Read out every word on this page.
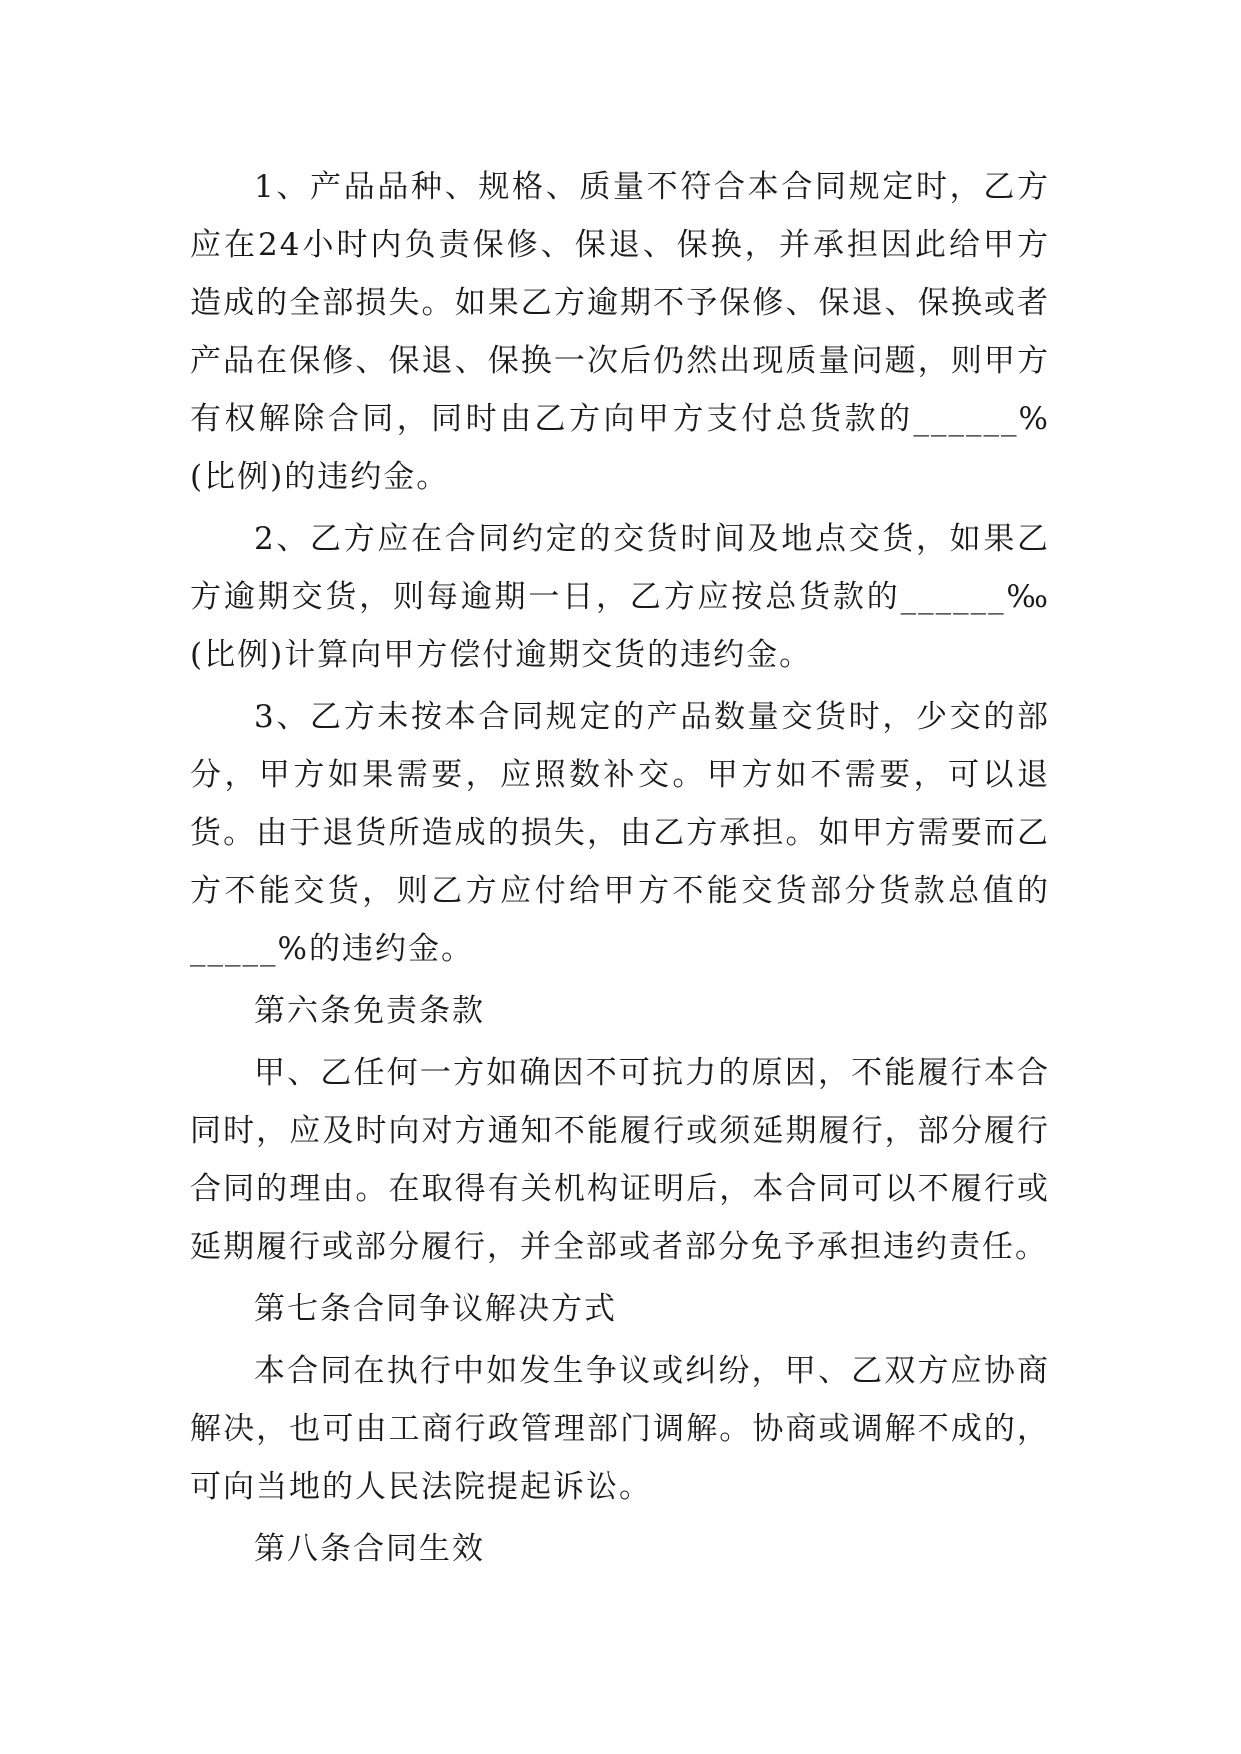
1、产品品种、规格、质量不符合本合同规定时，乙方应在24小时内负责保修、保退、保换，并承担因此给甲方造成的全部损失。如果乙方逾期不予保修、保退、保换或者产品在保修、保退、保换一次后仍然出现质量问题，则甲方有权解除合同，同时由乙方向甲方支付总货款的______%(比例)的违约金。

2、乙方应在合同约定的交货时间及地点交货，如果乙方逾期交货，则每逾期一日，乙方应按总货款的______‰(比例)计算向甲方偿付逾期交货的违约金。

3、乙方未按本合同规定的产品数量交货时，少交的部分，甲方如果需要，应照数补交。甲方如不需要，可以退货。由于退货所造成的损失，由乙方承担。如甲方需要而乙方不能交货，则乙方应付给甲方不能交货部分货款总值的_____%的违约金。

第六条免责条款

甲、乙任何一方如确因不可抗力的原因，不能履行本合同时，应及时向对方通知不能履行或须延期履行，部分履行合同的理由。在取得有关机构证明后，本合同可以不履行或延期履行或部分履行，并全部或者部分免予承担违约责任。

第七条合同争议解决方式

本合同在执行中如发生争议或纠纷，甲、乙双方应协商解决，也可由工商行政管理部门调解。协商或调解不成的，可向当地的人民法院提起诉讼。

第八条合同生效
